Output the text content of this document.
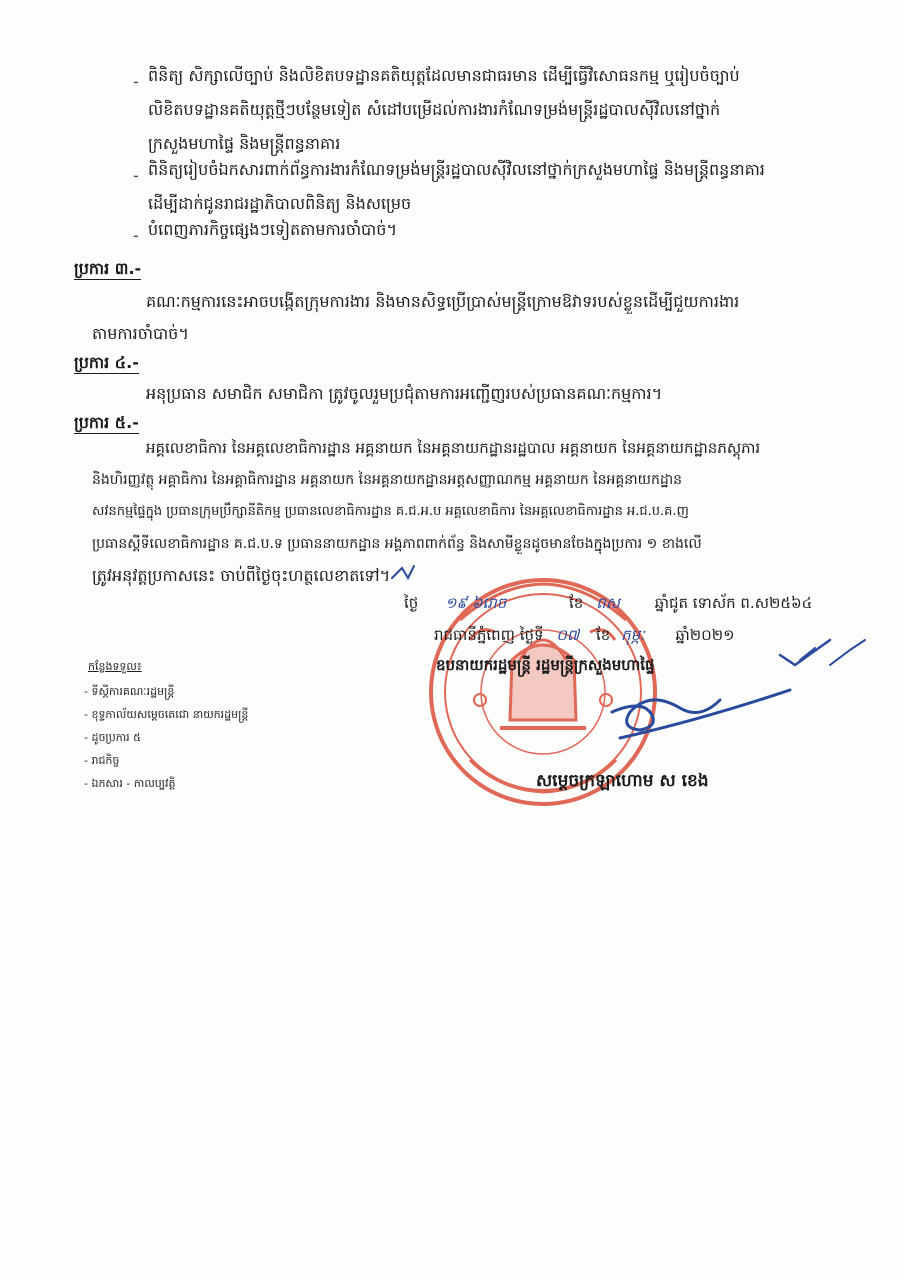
- ពិនិត្យ សិក្សាលើច្បាប់ និងលិខិតបទដ្ឋានគតិយុត្តដែលមានជាធរមាន ដើម្បីធ្វើវិសោធនកម្ម ឬរៀបចំច្បាប់
លិខិតបទដ្ឋានគតិយុត្តថ្មីៗបន្ថែមទៀត សំដៅបម្រើដល់ការងារកំណែទម្រង់មន្ត្រីរដ្ឋបាលស៊ីវិលនៅថ្នាក់
ក្រសួងមហាផ្ទៃ និងមន្ត្រីពន្ធនាគារ
- ពិនិត្យរៀបចំឯកសារពាក់ព័ន្ធការងារកំណែទម្រង់មន្ត្រីរដ្ឋបាលស៊ីវិលនៅថ្នាក់ក្រសួងមហាផ្ទៃ និងមន្ត្រីពន្ធនាគារ
ដើម្បីដាក់ជូនរាជរដ្ឋាភិបាលពិនិត្យ និងសម្រេច
- បំពេញភារកិច្ចផ្សេងៗទៀតតាមការចាំបាច់។
ប្រការ ៣.-
គណៈកម្មការនេះអាចបង្កើតក្រុមការងារ និងមានសិទ្ធប្រើប្រាស់មន្ត្រីក្រោមឱវាទរបស់ខ្លួនដើម្បីជួយការងារ
តាមការចាំបាច់។
ប្រការ ៤.-
អនុប្រធាន សមាជិក សមាជិកា ត្រូវចូលរួមប្រជុំតាមការអញ្ជើញរបស់ប្រធានគណៈកម្មការ។
ប្រការ ៥.-
អគ្គលេខាធិការ នៃអគ្គលេខាធិការដ្ឋាន អគ្គនាយក នៃអគ្គនាយកដ្ឋានរដ្ឋបាល អគ្គនាយក នៃអគ្គនាយកដ្ឋានភស្តុភារ
និងហិរញ្ញវត្ថុ អគ្គាធិការ នៃអគ្គាធិការដ្ឋាន អគ្គនាយក នៃអគ្គនាយកដ្ឋានអត្តសញ្ញាណកម្ម អគ្គនាយក នៃអគ្គនាយកដ្ឋាន
សវនកម្មផ្ទៃក្នុង ប្រធានក្រុមប្រឹក្សានីតិកម្ម ប្រធានលេខាធិការដ្ឋាន គ.ជ.អ.ប អគ្គលេខាធិការ នៃអគ្គលេខាធិការដ្ឋាន អ.ជ.ប.គ.ញ
ប្រធានស្តីទីលេខាធិការដ្ឋាន គ.ជ.ប.ទ ប្រធាននាយកដ្ឋាន អង្គភាពពាក់ព័ន្ធ និងសាមីខ្លួនដូចមានចែងក្នុងប្រការ ១ ខាងលើ
ត្រូវអនុវត្តប្រកាសនេះ ចាប់ពីថ្ងៃចុះហត្ថលេខាតទៅ។
ថ្ងៃ ១៩ ៦រោច	ខែ ពស ឆ្នាំជូត ទោស័ក ព.ស២៥៦៤
រាជធានីភ្នំពេញ ថ្ងៃទី ០៧ ខែ កុម្ភៈ ឆ្នាំ២០២១
ឧបនាយករដ្ឋមន្ត្រី រដ្ឋមន្ត្រីក្រសួងមហាផ្ទៃ
សម្តេចក្រឡាហោម ស ខេង
កន្លែងទទួល៖
- ទីស្តីការគណៈរដ្ឋមន្ត្រី
- ខុទ្ទកាល័យសម្តេចតេជោ នាយករដ្ឋមន្ត្រី
- ដូចប្រការ ៥
- រាជកិច្ច
- ឯកសារ - កាលប្បវត្តិ
